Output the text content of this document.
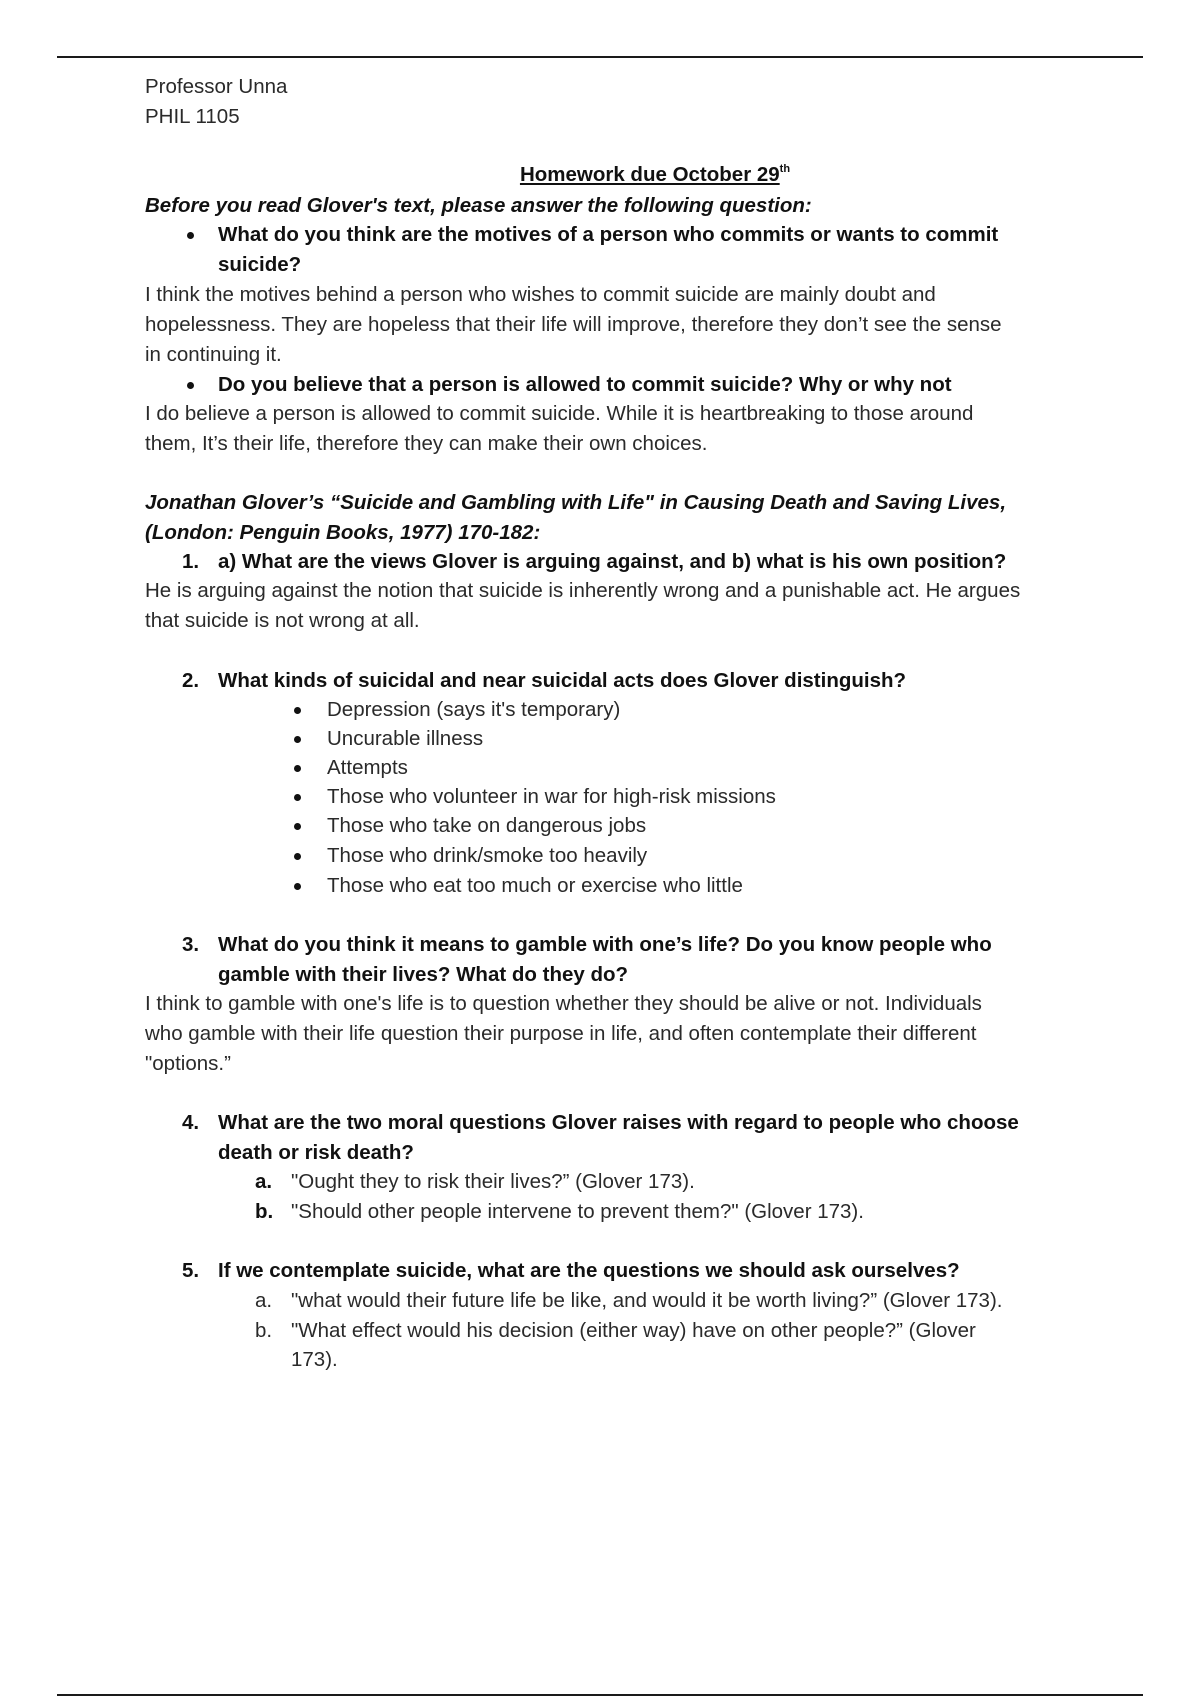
Professor Unna
PHIL 1105
Homework due October 29th
Before you read Glover's text, please answer the following question:
What do you think are the motives of a person who commits or wants to commit
suicide?
I think the motives behind a person who wishes to commit suicide are mainly doubt and
hopelessness. They are hopeless that their life will improve, therefore they don’t see the sense
in continuing it.
Do you believe that a person is allowed to commit suicide? Why or why not
I do believe a person is allowed to commit suicide. While it is heartbreaking to those around
them, It’s their life, therefore they can make their own choices.
Jonathan Glover’s “Suicide and Gambling with Life" in Causing Death and Saving Lives,
(London: Penguin Books, 1977) 170-182:
1. a) What are the views Glover is arguing against, and b) what is his own position?
He is arguing against the notion that suicide is inherently wrong and a punishable act. He argues
that suicide is not wrong at all.
2. What kinds of suicidal and near suicidal acts does Glover distinguish?
Depression (says it's temporary)
Uncurable illness
Attempts
Those who volunteer in war for high-risk missions
Those who take on dangerous jobs
Those who drink/smoke too heavily
Those who eat too much or exercise who little
3. What do you think it means to gamble with one’s life? Do you know people who
gamble with their lives? What do they do?
I think to gamble with one's life is to question whether they should be alive or not. Individuals
who gamble with their life question their purpose in life, and often contemplate their different
"options.”
4. What are the two moral questions Glover raises with regard to people who choose
death or risk death?
a. "Ought they to risk their lives?” (Glover 173).
b. "Should other people intervene to prevent them?" (Glover 173).
5. If we contemplate suicide, what are the questions we should ask ourselves?
a. "what would their future life be like, and would it be worth living?” (Glover 173).
b. "What effect would his decision (either way) have on other people?” (Glover
173).
